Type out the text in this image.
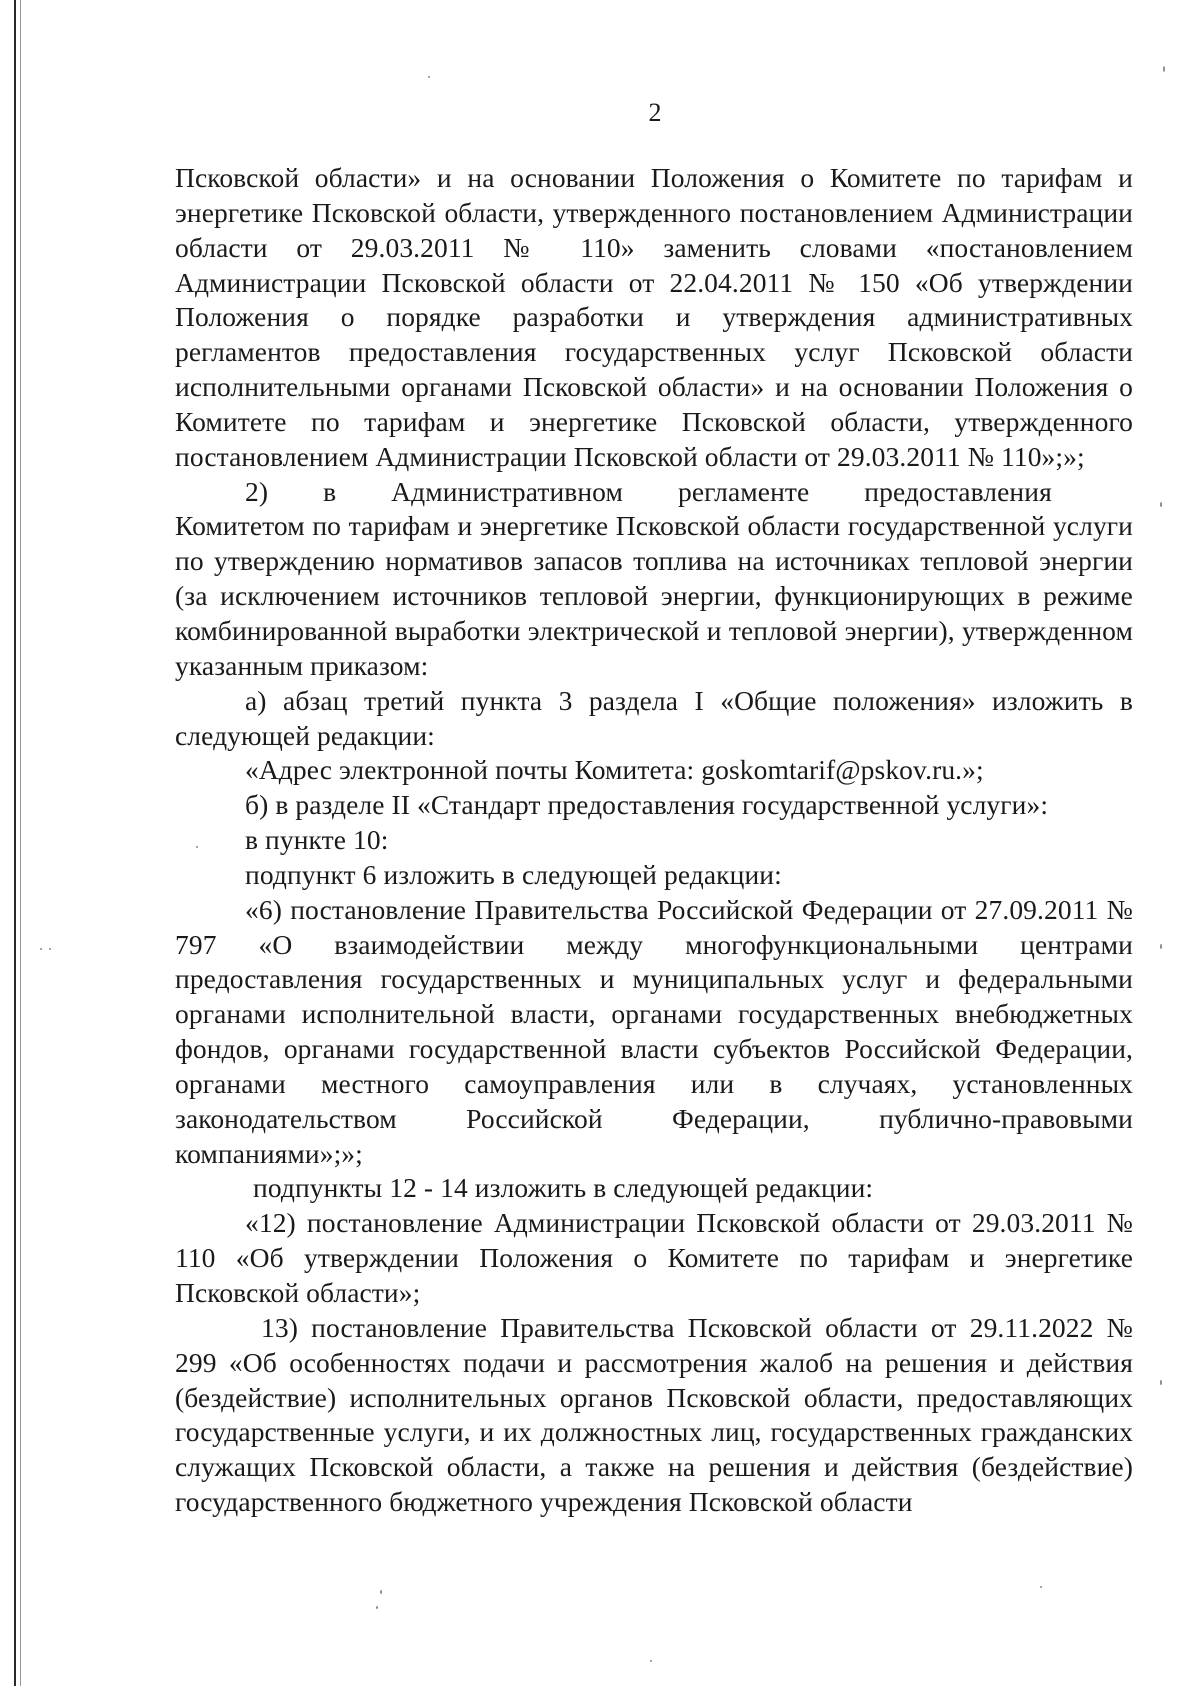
2

Псковской области» и на основании Положения о Комитете по тарифам и энергетике Псковской области, утвержденного постановлением Администрации области от 29.03.2011 № 110» заменить словами «постановлением Администрации Псковской области от 22.04.2011 № 150 «Об утверждении Положения о порядке разработки и утверждения административных регламентов предоставления государственных услуг Псковской области исполнительными органами Псковской области» и на основании Положения о Комитете по тарифам и энергетике Псковской области, утвержденного постановлением Администрации Псковской области от 29.03.2011 № 110»;»;

2) в Административном регламенте предоставления

Комитетом по тарифам и энергетике Псковской области государственной услуги по утверждению нормативов запасов топлива на источниках тепловой энергии (за исключением источников тепловой энергии, функционирующих в режиме комбинированной выработки электрической и тепловой энергии), утвержденном указанным приказом:

а) абзац третий пункта 3 раздела I «Общие положения» изложить в следующей редакции:

«Адрес электронной почты Комитета: goskomtarif@pskov.ru.»;

б) в разделе II «Стандарт предоставления государственной услуги»:

в пункте 10:

подпункт 6 изложить в следующей редакции:

«6) постановление Правительства Российской Федерации от 27.09.2011 № 797 «О взаимодействии между многофункциональными центрами предоставления государственных и муниципальных услуг и федеральными органами исполнительной власти, органами государственных внебюджетных фондов, органами государственной власти субъектов Российской Федерации, органами местного самоуправления или в случаях, установленных законодательством Российской Федерации, публично-правовыми компаниями»;»;

подпункты 12 - 14 изложить в следующей редакции:

«12) постановление Администрации Псковской области от 29.03.2011 № 110 «Об утверждении Положения о Комитете по тарифам и энергетике Псковской области»;

13) постановление Правительства Псковской области от 29.11.2022 № 299 «Об особенностях подачи и рассмотрения жалоб на решения и действия (бездействие) исполнительных органов Псковской области, предоставляющих государственные услуги, и их должностных лиц, государственных гражданских служащих Псковской области, а также на решения и действия (бездействие) государственного бюджетного учреждения Псковской области
